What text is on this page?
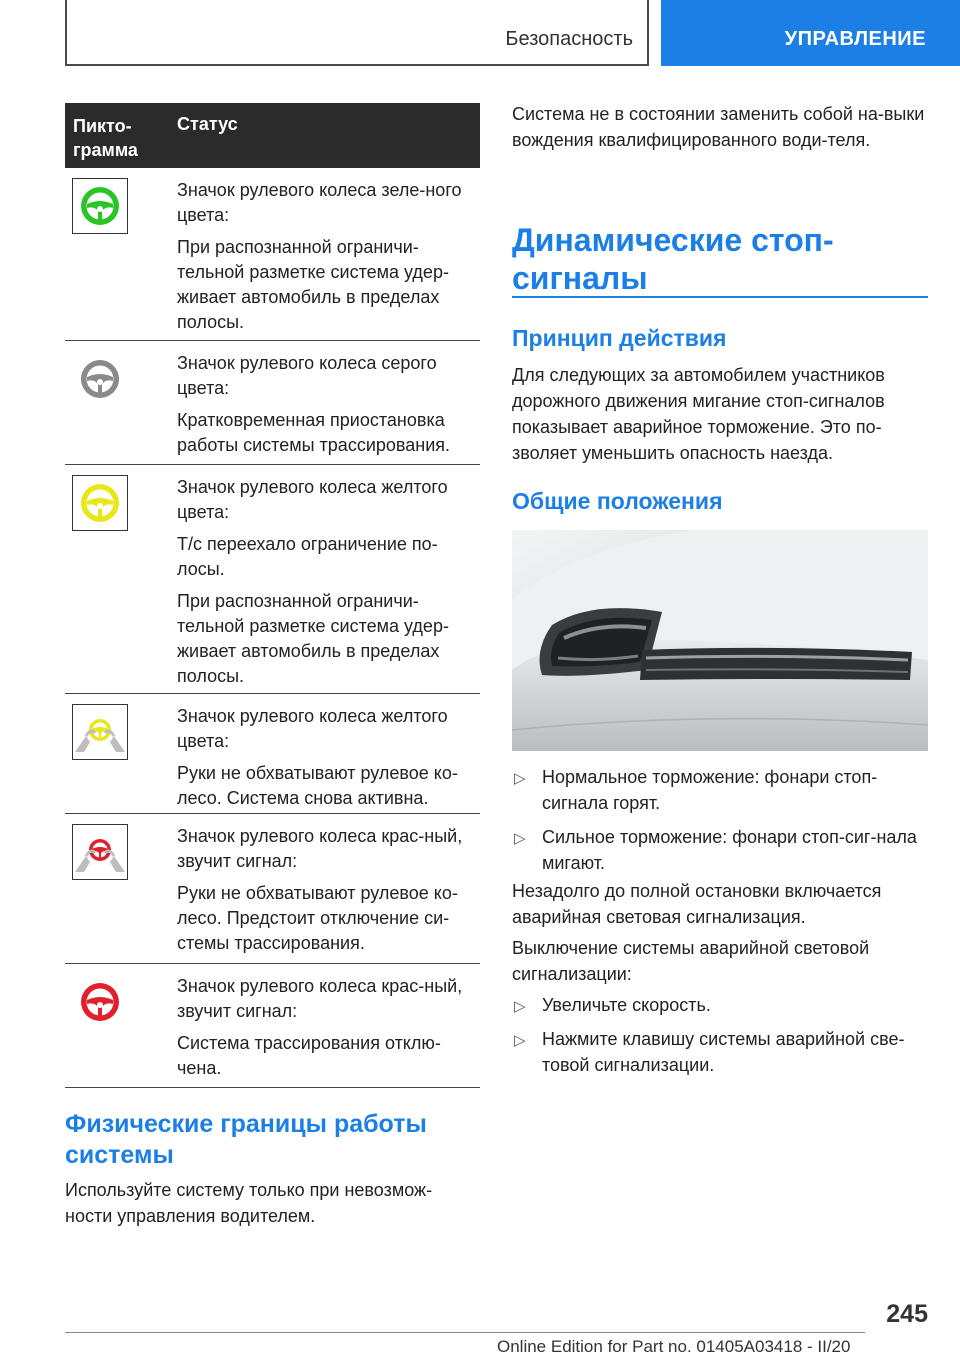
Безопасность	УПРАВЛЕНИЕ
Пикто-грамма
Статус

Значок рулевого колеса зеле-ного цвета:

При распознанной ограничи-тельной разметке система удер-живает автомобиль в пределах полосы.

Значок рулевого колеса серого цвета:

Кратковременная приостановка работы системы трассирования.

Значок рулевого колеса желтого цвета:

Т/с переехало ограничение по-лосы.

При распознанной ограничи-тельной разметке система удер-живает автомобиль в пределах полосы.

Значок рулевого колеса желтого цвета:

Руки не обхватывают рулевое ко-лесо. Система снова активна.

Значок рулевого колеса крас-ный, звучит сигнал:

Руки не обхватывают рулевое ко-лесо. Предстоит отключение си-стемы трассирования.

Значок рулевого колеса крас-ный, звучит сигнал:

Система трассирования отклю-чена.

Физические границы работы системы
Используйте систему только при невозмож-ности управления водителем.
Система не в состоянии заменить собой на-выки вождения квалифицированного води-теля.
Динамические стоп-сигналы
Принцип действия
Для следующих за автомобилем участников дорожного движения мигание стоп-сигналов показывает аварийное торможение. Это по-зволяет уменьшить опасность наезда.
Общие положения
▷ Нормальное торможение: фонари стоп-сигнала горят.
▷ Сильное торможение: фонари стоп-сиг-нала мигают.
Незадолго до полной остановки включается аварийная световая сигнализация.
Выключение системы аварийной световой сигнализации:
▷ Увеличьте скорость.
▷ Нажмите клавишу системы аварийной све-товой сигнализации.
245
Online Edition for Part no. 01405A03418 - II/20
